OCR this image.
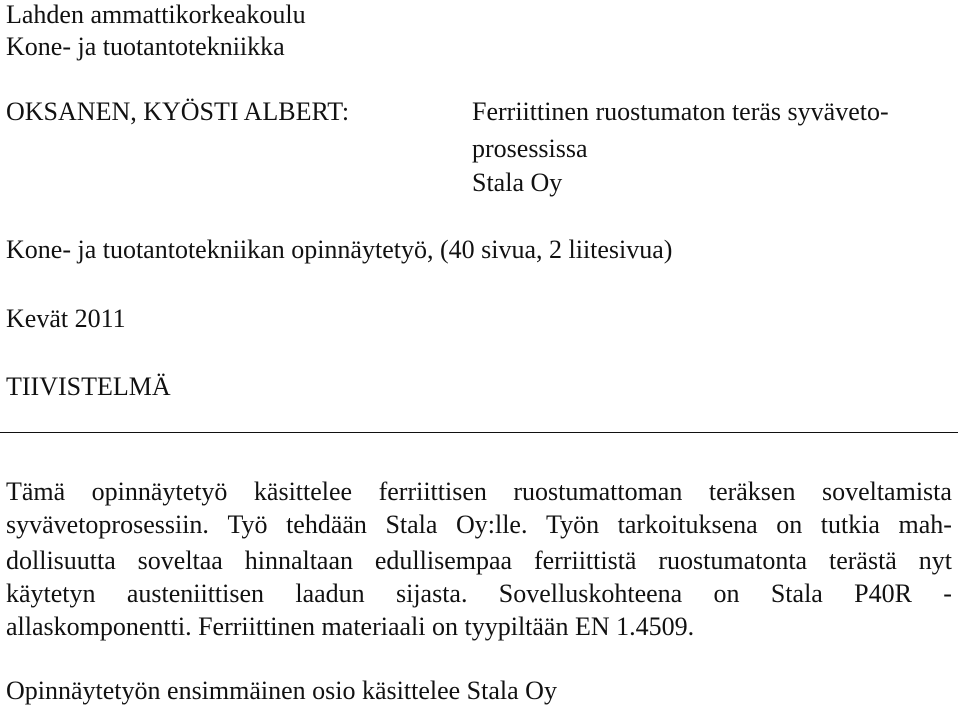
Lahden ammattikorkeakoulu
Kone- ja tuotantotekniikka
OKSANEN, KYÖSTI ALBERT:	Ferriittinen ruostumaton teräs syväveto-
prosessissa
Stala Oy
Kone- ja tuotantotekniikan opinnäytetyö, (40 sivua, 2 liitesivua)
Kevät 2011
TIIVISTELMÄ
Tämä opinnäytetyö käsittelee ferriittisen ruostumattoman teräksen soveltamista
syvävetoprosessiin. Työ tehdään Stala Oy:lle. Työn tarkoituksena on tutkia mah-
dollisuutta soveltaa hinnaltaan edullisempaa ferriittistä ruostumatonta terästä nyt
käytetyn austeniittisen laadun sijasta. Sovelluskohteena on Stala P40R -
allaskomponentti. Ferriittinen materiaali on tyypiltään EN 1.4509.
Opinnäytetyön ensimmäinen osio käsittelee Stala Oy
